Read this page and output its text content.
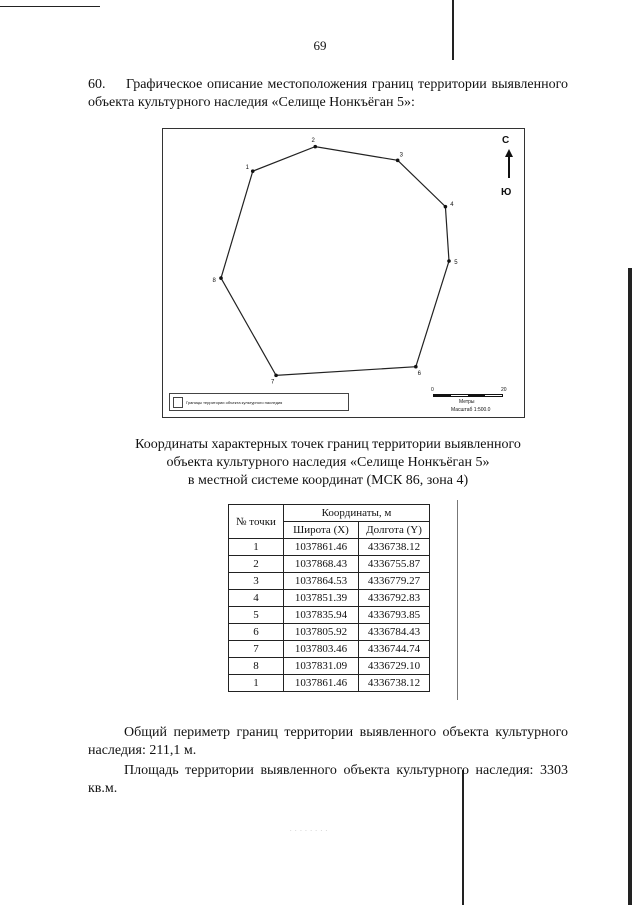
69
60. Графическое описание местоположения границ территории выявленного объекта культурного наследия «Селище Нонкъёган 5»:
1
2
3
4
5
6
7
8
С
Ю
Границы территории объекта культурного наследия
0	20
Метры
Масштаб 1:500.0
Координаты характерных точек границ территории выявленного
объекта культурного наследия «Селище Нонкъёган 5»
в местной системе координат (МСК 86, зона 4)
№ точки	Координаты, м	
	Широта (X)	Долгота (Y)
1	1037861.46	4336738.12
2	1037868.43	4336755.87
3	1037864.53	4336779.27
4	1037851.39	4336792.83
5	1037835.94	4336793.85
6	1037805.92	4336784.43
7	1037803.46	4336744.74
8	1037831.09	4336729.10
1	1037861.46	4336738.12
Общий периметр границ территории выявленного объекта культурного наследия: 211,1 м.
Площадь территории выявленного объекта культурного наследия: 3303 кв.м.
· · · · · · · ·
